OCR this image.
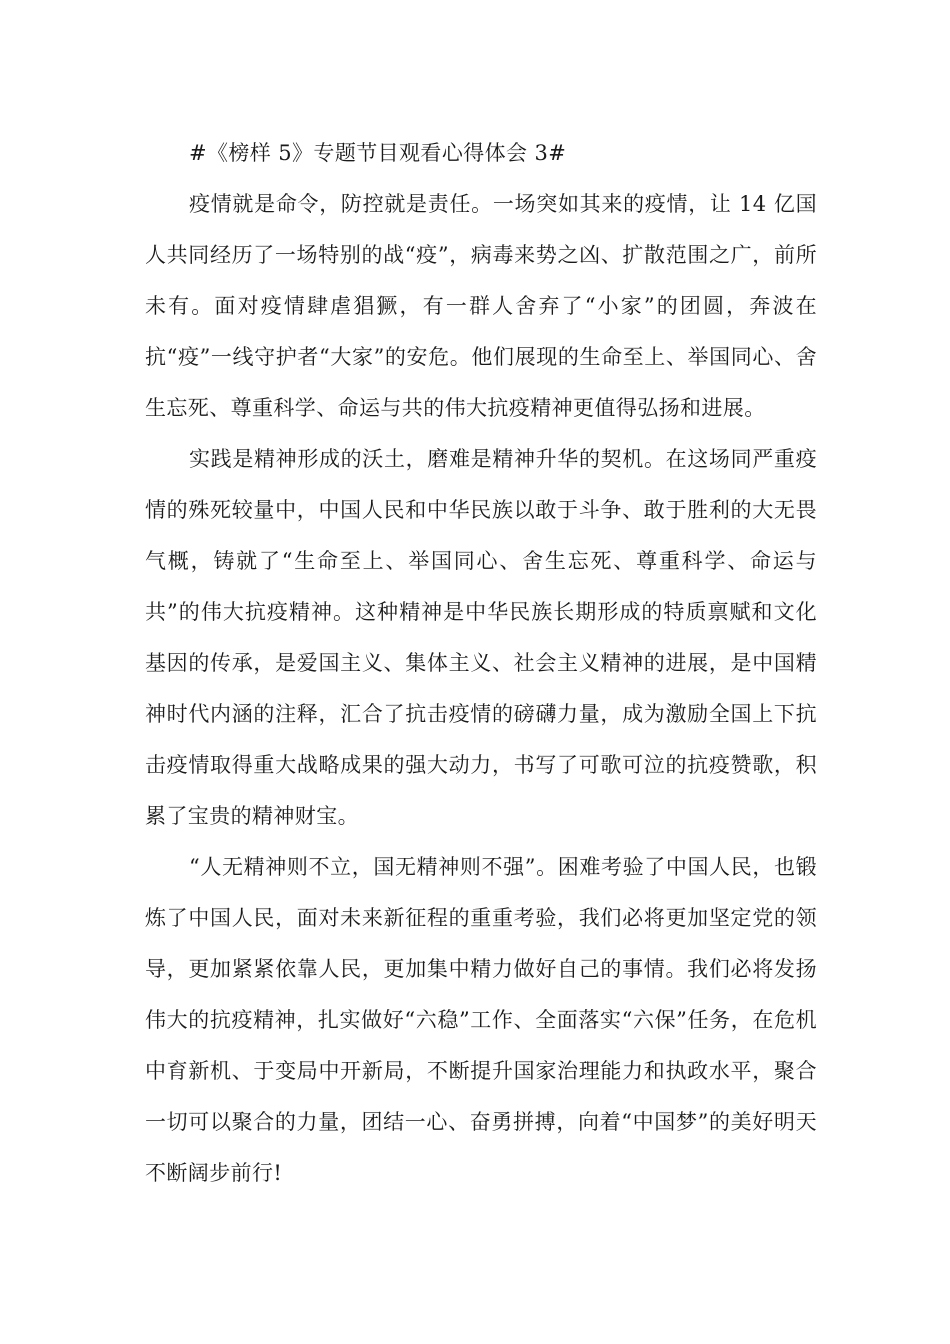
#《榜样 5》专题节目观看心得体会 3#

疫情就是命令，防控就是责任。一场突如其来的疫情，让 14 亿国人共同经历了一场特别的战“疫”，病毒来势之凶、扩散范围之广，前所未有。面对疫情肆虐猖獗，有一群人舍弃了“小家”的团圆，奔波在抗“疫”一线守护者“大家”的安危。他们展现的生命至上、举国同心、舍生忘死、尊重科学、命运与共的伟大抗疫精神更值得弘扬和进展。

实践是精神形成的沃土，磨难是精神升华的契机。在这场同严重疫情的殊死较量中，中国人民和中华民族以敢于斗争、敢于胜利的大无畏气概，铸就了“生命至上、举国同心、舍生忘死、尊重科学、命运与共”的伟大抗疫精神。这种精神是中华民族长期形成的特质禀赋和文化基因的传承，是爱国主义、集体主义、社会主义精神的进展，是中国精神时代内涵的注释，汇合了抗击疫情的磅礴力量，成为激励全国上下抗击疫情取得重大战略成果的强大动力，书写了可歌可泣的抗疫赞歌，积累了宝贵的精神财宝。

“人无精神则不立，国无精神则不强”。困难考验了中国人民，也锻炼了中国人民，面对未来新征程的重重考验，我们必将更加坚定党的领导，更加紧紧依靠人民，更加集中精力做好自己的事情。我们必将发扬伟大的抗疫精神，扎实做好“六稳”工作、全面落实“六保”任务，在危机中育新机、于变局中开新局，不断提升国家治理能力和执政水平，聚合一切可以聚合的力量，团结一心、奋勇拼搏，向着“中国梦”的美好明天不断阔步前行!
